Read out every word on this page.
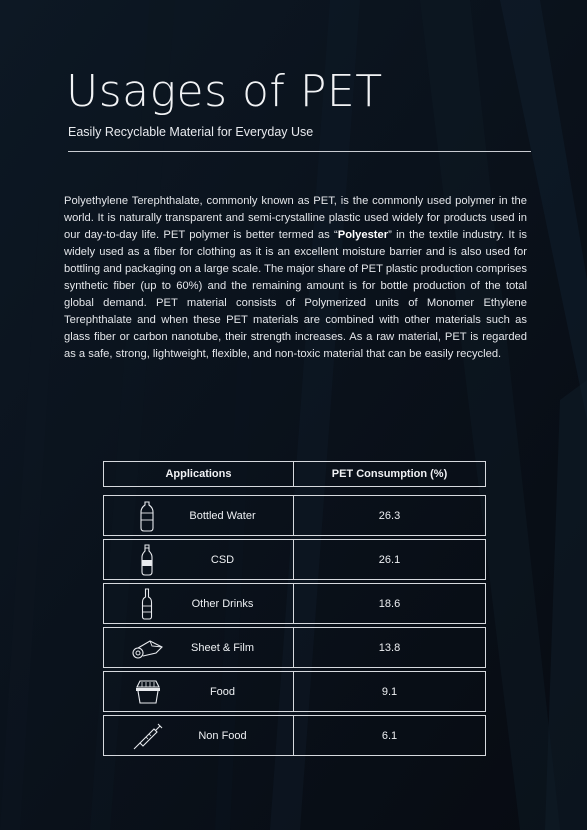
Usages of PET
Easily Recyclable Material for Everyday Use
Polyethylene Terephthalate, commonly known as PET, is the commonly used polymer in the world. It is naturally transparent and semi-crystalline plastic used widely for products used in our day-to-day life. PET polymer is better termed as “Polyester” in the textile industry. It is widely used as a fiber for clothing as it is an excellent moisture barrier and is also used for bottling and packaging on a large scale. The major share of PET plastic production comprises synthetic fiber (up to 60%) and the remaining amount is for bottle production of the total global demand. PET material consists of Polymerized units of Monomer Ethylene Terephthalate and when these PET materials are combined with other materials such as glass fiber or carbon nanotube, their strength increases. As a raw material, PET is regarded as a safe, strong, lightweight, flexible, and non-toxic material that can be easily recycled.
Applications	PET Consumption (%)
Bottled Water	26.3
CSD	26.1
Other Drinks	18.6
Sheet & Film	13.8
Food	9.1
Non Food	6.1
